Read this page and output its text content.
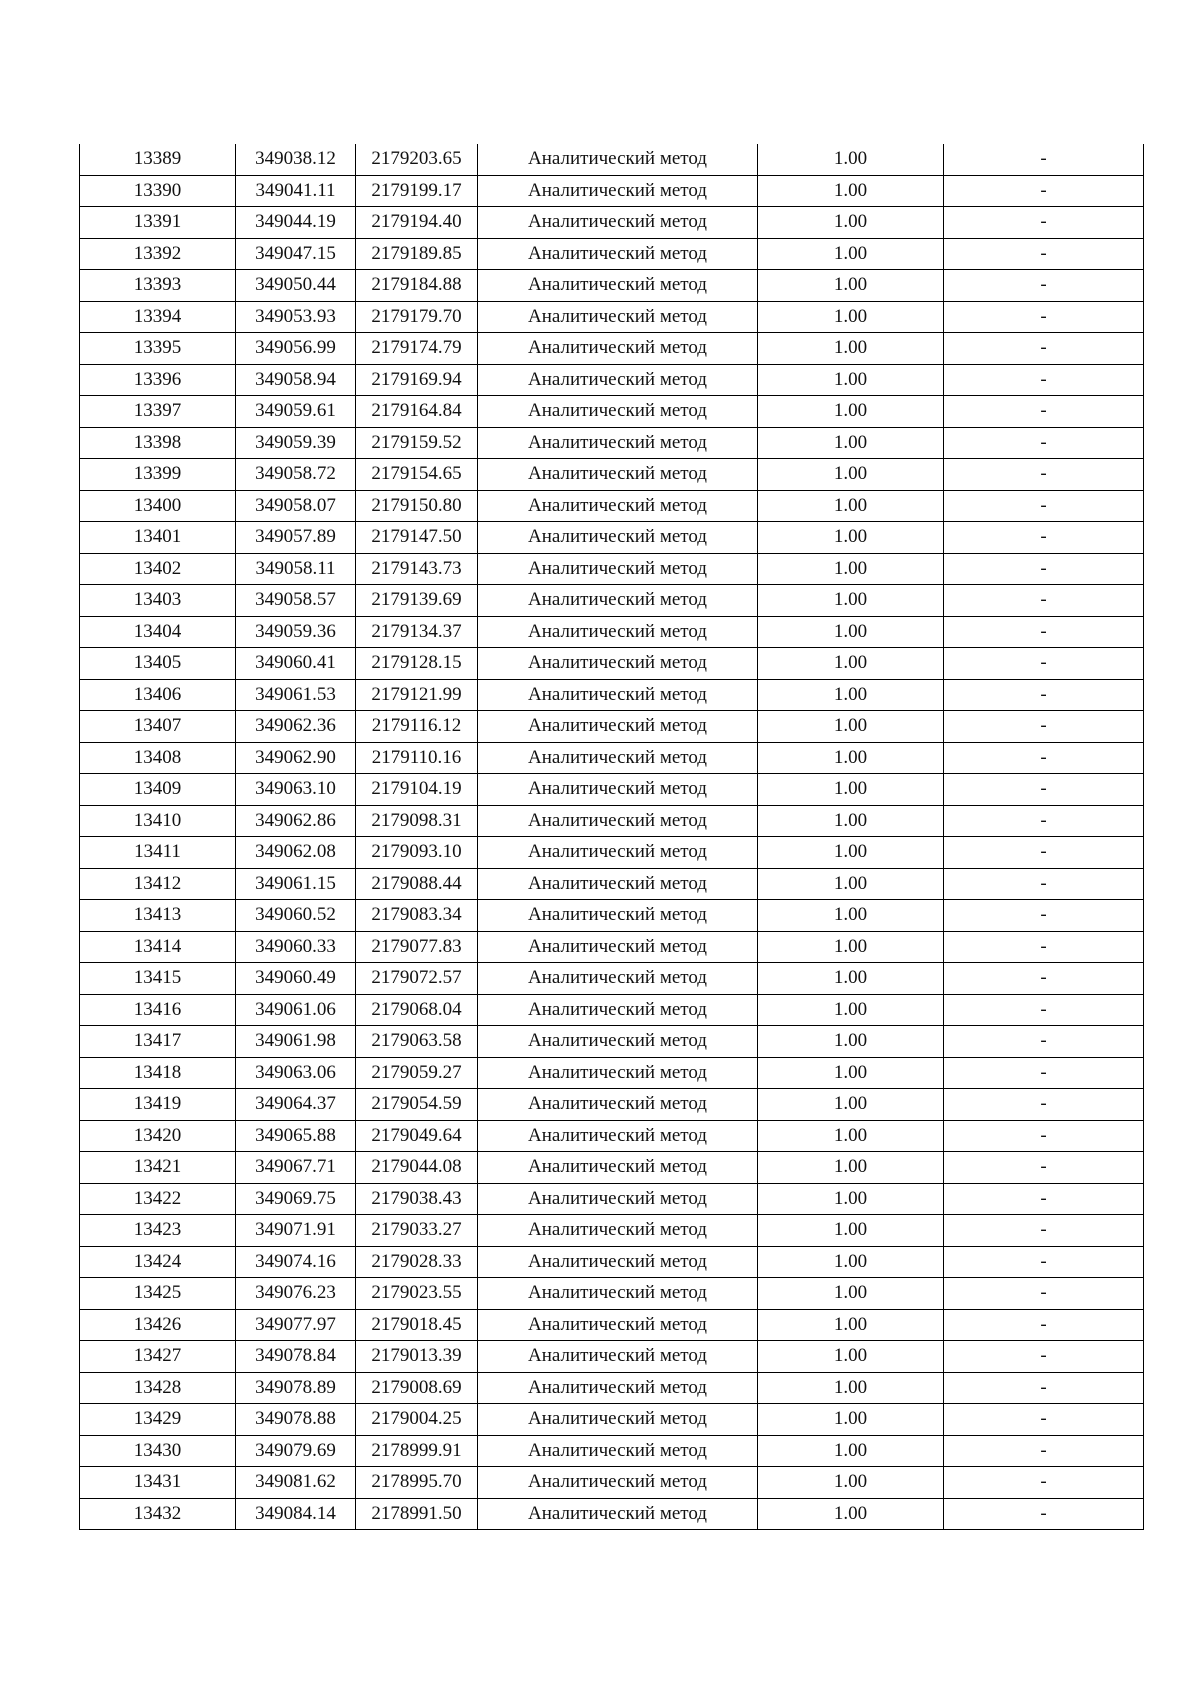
13389	349038.12	2179203.65	Аналитический метод	1.00	-
13390	349041.11	2179199.17	Аналитический метод	1.00	-
13391	349044.19	2179194.40	Аналитический метод	1.00	-
13392	349047.15	2179189.85	Аналитический метод	1.00	-
13393	349050.44	2179184.88	Аналитический метод	1.00	-
13394	349053.93	2179179.70	Аналитический метод	1.00	-
13395	349056.99	2179174.79	Аналитический метод	1.00	-
13396	349058.94	2179169.94	Аналитический метод	1.00	-
13397	349059.61	2179164.84	Аналитический метод	1.00	-
13398	349059.39	2179159.52	Аналитический метод	1.00	-
13399	349058.72	2179154.65	Аналитический метод	1.00	-
13400	349058.07	2179150.80	Аналитический метод	1.00	-
13401	349057.89	2179147.50	Аналитический метод	1.00	-
13402	349058.11	2179143.73	Аналитический метод	1.00	-
13403	349058.57	2179139.69	Аналитический метод	1.00	-
13404	349059.36	2179134.37	Аналитический метод	1.00	-
13405	349060.41	2179128.15	Аналитический метод	1.00	-
13406	349061.53	2179121.99	Аналитический метод	1.00	-
13407	349062.36	2179116.12	Аналитический метод	1.00	-
13408	349062.90	2179110.16	Аналитический метод	1.00	-
13409	349063.10	2179104.19	Аналитический метод	1.00	-
13410	349062.86	2179098.31	Аналитический метод	1.00	-
13411	349062.08	2179093.10	Аналитический метод	1.00	-
13412	349061.15	2179088.44	Аналитический метод	1.00	-
13413	349060.52	2179083.34	Аналитический метод	1.00	-
13414	349060.33	2179077.83	Аналитический метод	1.00	-
13415	349060.49	2179072.57	Аналитический метод	1.00	-
13416	349061.06	2179068.04	Аналитический метод	1.00	-
13417	349061.98	2179063.58	Аналитический метод	1.00	-
13418	349063.06	2179059.27	Аналитический метод	1.00	-
13419	349064.37	2179054.59	Аналитический метод	1.00	-
13420	349065.88	2179049.64	Аналитический метод	1.00	-
13421	349067.71	2179044.08	Аналитический метод	1.00	-
13422	349069.75	2179038.43	Аналитический метод	1.00	-
13423	349071.91	2179033.27	Аналитический метод	1.00	-
13424	349074.16	2179028.33	Аналитический метод	1.00	-
13425	349076.23	2179023.55	Аналитический метод	1.00	-
13426	349077.97	2179018.45	Аналитический метод	1.00	-
13427	349078.84	2179013.39	Аналитический метод	1.00	-
13428	349078.89	2179008.69	Аналитический метод	1.00	-
13429	349078.88	2179004.25	Аналитический метод	1.00	-
13430	349079.69	2178999.91	Аналитический метод	1.00	-
13431	349081.62	2178995.70	Аналитический метод	1.00	-
13432	349084.14	2178991.50	Аналитический метод	1.00	-
